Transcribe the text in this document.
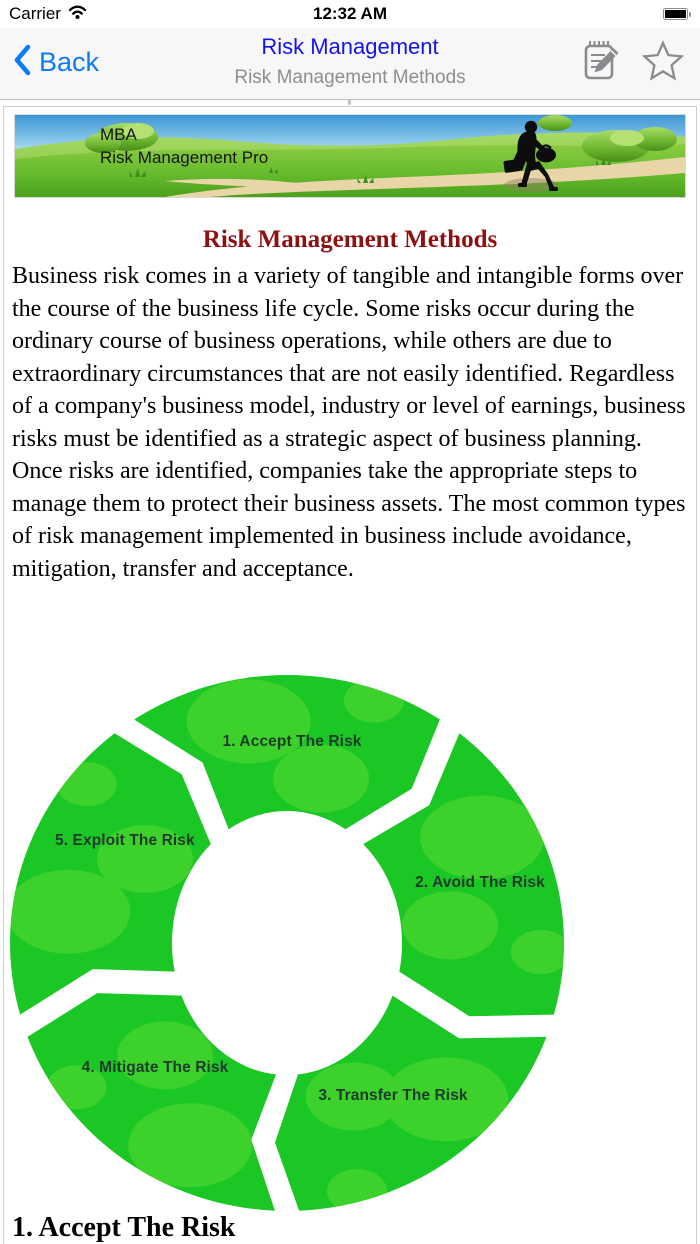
Carrier	12:32 AM
Back
Risk Management
Risk Management Methods
MBA
Risk Management Pro
Risk Management Methods
Business risk comes in a variety of tangible and intangible forms over the course of the business life cycle. Some risks occur during the ordinary course of business operations, while others are due to extraordinary circumstances that are not easily identified. Regardless of a company's business model, industry or level of earnings, business risks must be identified as a strategic aspect of business planning. Once risks are identified, companies take the appropriate steps to manage them to protect their business assets. The most common types of risk management implemented in business include avoidance, mitigation, transfer and acceptance.
1. Accept The Risk
2. Avoid The Risk
3. Transfer The Risk
4. Mitigate The Risk
5. Exploit The Risk
1. Accept The Risk
